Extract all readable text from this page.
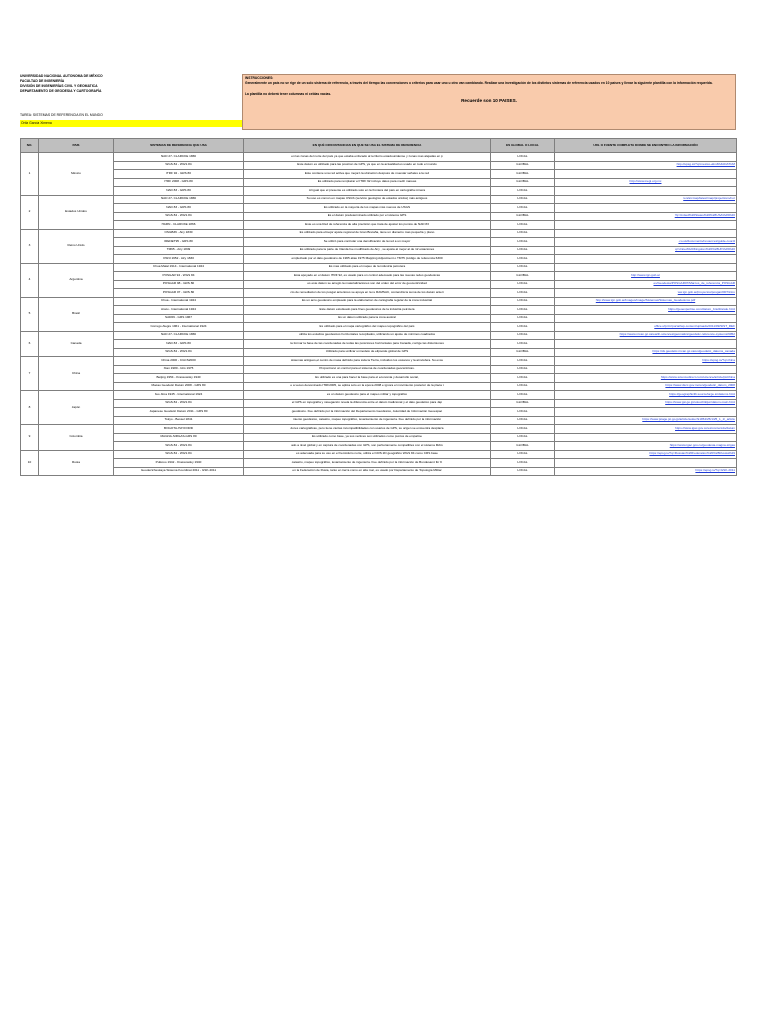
UNIVERSIDAD NACIONAL AUTONOMA DE MÉXICO
FACULTAD DE INGENIERÍA
DIVISIÓN DE INGENIERÍAS CIVIL Y GEOMATICA
DEPARTAMENTO DE GEODESIA Y CARTOGRAFÍA
TAREA: SISTEMAS DE REFERENCIA EN EL MUNDO
Ortiz García Ximena
INSTRUCCIONES:
Generalmente un país no se rige de un solo sistema de referencia, a través del tiempo las convenciones o criterios para usar uno u otro van cambiando. Realizar una investigación de los distintos sistemas de referencia usados en 10 países y llenar la siguiente plantilla con la información requerida.
La plantilla no deberá tener columnas ni celdas vacías.
Recuerde son 10 PAISES.
NO.	PAIS	SISTEMAS DE REFERENCIA QUE USA	EN QUÉ CIRCUNTANCIAS EN QUE SE USA EL SISTEMA DE REFERENCIA	ES GLOBAL O LOCAL	URL O FUENTE COMPLETA DONDE SE ENCONTRO LA INFORMACIÓN
1	México	NAD 27- CLARCKE 1866	en las zonas del norte del país ya que estaba enfocado al territorio estadounidense y zonas mas alejadas en p	LOCAL	
		WGS 84 - WGS 84	Este datum es utilizado para las posicion de GPS, ya que en la actualidad es usado en todo el mundo	GLOBAL	http://epsg.io/?q=mexico+kind%3ADATUM
		ITRF 92 - GRS 80	Este contiene una red activa que mejoró la ubicación después de muestar señales a la red	GLOBAL	
		ITRF 2008 - GRS 80	Es utilizado para remplazar el ITRF 92 incluye datos para medir mareas	GLOBAL	http://www.inegi.org.mx
		NAD 83 - GRS 80	Al igual que el presente es utilizado solo en la frontera del país en cartografía minera	LOCAL	
2	Estados Unidos	NAD 27- CLARCKE 1866	Su uso es comun en mapas USGS (servicio geologico de estados unidos) más antiguos	LOCAL	/en/arcmap/latest/map/projections/nor
		NAD 83 - GRS 80	Es utilizado en la mayoría de los mapas más nuevos de USGS	LOCAL	
		WGS 84 - WGS 84	Es el datum predeterminado utilizado por el sistema GPS	GLOBAL	?q=United%20States%20%28USA%29%20
		HARN - CLARCKE 1866	Este es una Red de referencia de alta precisión que trata de ajustar los puntos de NAD 83	LOCAL	
3	Reino Unido	OSGB36 - Airy 1830	Es utilizado para elmejor ajuste regional de Gran Bretaña, tiene un diametro mas pequeña y plano	LOCAL	
		IRENET95 - GRS 80	Se utilizó para controlar una densificación de la red a un mayor	LOCAL	.co.uk/documents/resources/guide-coordi
		TM65 - Airy 1849	Es utilizado para la parte de Irlanda fue modificado de Airy , se ajusta al mejor al de 12 estaciones	LOCAL	q=United%20Kingdom%20%28UK%29%20
		OSNI 1952 - Airy 1830	empleizado por el dato geodésico de 1965 alias 1975 Mapping Adjustment o TM75 (código de referencia 6300	LOCAL	
4	Argentina	Chua Malal 1914 - International 1924	Es mas utilizado para el mapeo de la industria petrolera	LOCAL	
		POSGAR 94 - WGS 84	Esta apoyado en el datum ITRF 92, es usado para un control adecuado para las nuevas redes geodesicas	GLOBAL	http://www.ign.gob.ar
		POSGAR 98 - GRS 80	es este datum se arreglo la materializaciones son del orden del error de geocentricidad	LOCAL	es/Geodesia/POSGAR07/Marcos_de_referencia_POSGAR
		POSGAR 07 - GRS 80	cto de remediacion de los posgar anteriores se apoya en la re RAMSAC, contendrá la suma de los datum anteri	LOCAL	ww.ign.gob.ar/proyectos/posgar2007/intro
5	Brasil	Chua - International 1924	Es un arco geodesico empleado para la elaboracion de cartografia regular de la zona industrial	LOCAL	http://www.ign.gob.ar/images/image/Sistemas/Sistemas_Geodesicos.pdf
		Aratu - International 1924	Este datum estuituado para fines geodesicos de la industria petrolera	LOCAL	https://geoexpertise.com/datum_brazil/aratu.html
		SAD69 - GRS 1967	Es un datum utilizado para la zona austral	LOCAL	
		Corrego Alegre 1961 - International 1924	Es utilizado para el mapa cartográfico del mapeo topográfico del país	LOCAL	office.ufpr.br/portal/wp-content/uploads/2011/09/SIST_REF
6	Canada	NAD 27- CLARCKE 1866	utiliza los estudios geodesicos horizontales recopilados, utilizando un ajuste de minimos cuadrados	LOCAL	https://www.nrcan.gc.ca/earth-sciences/geomatics/geodetic-reference-systems/9052
		NAD 83 - GRS 80	ra formar la base de las coordenadas de todas las posiciones horizontales para Canadá, corrige las distorsiones	LOCAL	
		WGS 84 - WGS 84	Utilizado para unificar unmodelo de elipsoide global de GPS	GLOBAL	https://ds.geodetic.rncan.gc.ca/en/geodetic_datums_canada
7	China	China 2000 - CGCS2000	sistemas antiguos,el centro de masa definido para toda la Tierra, incluidos los océanos y la atmósfera. Su exce	LOCAL	https://epsg.io/?q=china
		Xian 1980 - IAG 1975	Proporcionó un control para el sistema de coordenadas geocéntricas.	LOCAL	
		Beijing 1954 - Krassowsky 1940	Es utilizado es una para hacer la base para el economia y desarrollo social,	LOCAL	https://www.sciencedirect.com/science/article/pii/china
		Macao Geodetic Datum 2008 - GRS 80	e a veces denominado ITRF2005, se aplica solo en la época 2008 e ignora el movimiento posterior de la placa t	LOCAL	https://www.dscc.gov.mo/en/geodetic_datum_2008
8	Japón	Iwo Jima 1945 - International 1924	es un datum geodesico para el mapeo militar y topografico	LOCAL	https://geographiclib.sourceforge.io/datums.html
		WGS 84 - WGS 84	el GPS en topografía y navegación revela la diferencia entre el datum tradicional y el dato geodetico para Jap	GLOBAL	https://www.gsi.go.jp/sokuchikijun/datum-main.html
		Japanese Geodetic Datum 2011 - GRS 80	geodésico. Fue definido por la información del Departamento Geodésico, Autoridad de Información Geoespac	LOCAL	
		Tokyo - Bessel 1841	miento geodésico, catastro, mapeo topográfico, levantamiento de ingeniería. Fue definido por la información	LOCAL	https://www.jstage.jst.go.jp/article/sokuchi1954/25/1/25_1_1/_article
9	Colombia	BOGOTA-HAYFORD	dores cartograficas, pero tiene ciertas incompatibilidades con usarios de GPS, su origen se encuentra desplaza	LOCAL	https://www.igac.gov.co/es/contenido/datum
		MAGNA-SIRGAS-GRS 80	Es utilizado como base, ya sus vertices son utilizados como puntos de empalme	LOCAL	
		WGS 84 - WGS 84	ado a nivel global y en captura de coordenadas con GPS, son perfectamente compatibles con el sistema MAG	GLOBAL	https://www.igac.gov.co/geodesia-magna-sirgas
10	Rusia	WGS 84 - WGS 84	es adecuada para su uso en el hemisferio norte, utiliza el CRS 2D geográfico WGS 84 como CRS base	LOCAL	https://epsg.io/?q=Russian%20Federation%20%28Russia%29
		Pulkovo 1942 - Krassowsky 1940	catastro, mapeo topográfico, levantamiento de ingeniería. Fue definido por la información de Bundesamt für K	LOCAL	
		Geodezicheskaya Sistema Koordinat 2011 - GSK-2011	en la Federación de Rusia, tanto en tierra como en alta mar, es usado por Departamento de Topología Militar	LOCAL	https://epsg.io/?q=GSK-2011
